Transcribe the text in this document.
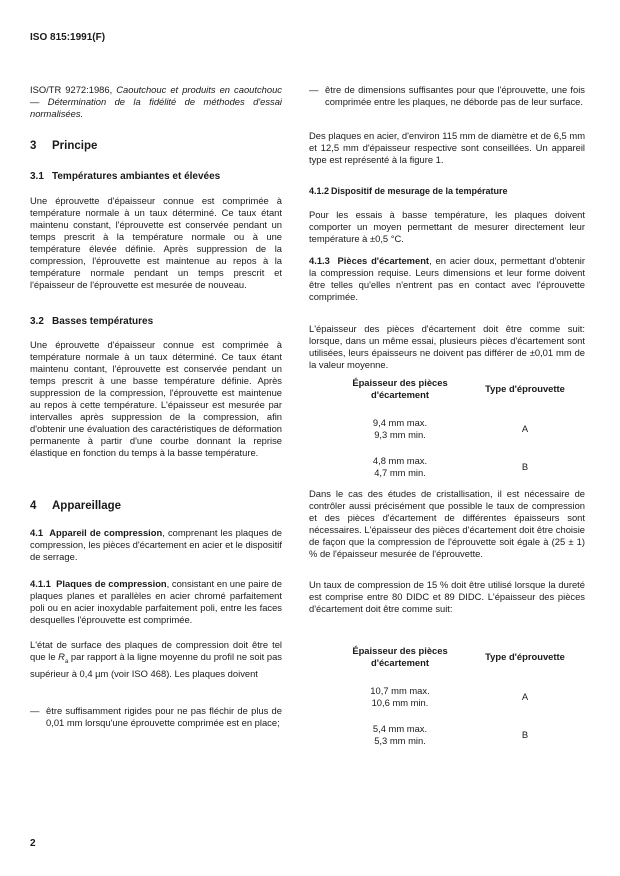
ISO 815:1991(F)
ISO/TR 9272:1986, Caoutchouc et produits en caoutchouc — Détermination de la fidélité de méthodes d'essai normalisées.
3 Principe
3.1 Températures ambiantes et élevées
Une éprouvette d'épaisseur connue est comprimée à température normale à un taux déterminé. Ce taux étant maintenu constant, l'éprouvette est conservée pendant un temps prescrit à la température normale ou à une température élevée définie. Après suppression de la compression, l'éprouvette est maintenue au repos à la température normale pendant un temps prescrit et l'épaisseur de l'éprouvette est mesurée de nouveau.
3.2 Basses températures
Une éprouvette d'épaisseur connue est comprimée à température normale à un taux déterminé. Ce taux étant maintenu contant, l'éprouvette est conservée pendant un temps prescrit à une basse température définie. Après suppression de la compression, l'éprouvette est maintenue au repos à cette température. L'épaisseur est mesurée par intervalles après suppression de la compression, afin d'obtenir une évaluation des caractéristiques de déformation permanente à partir d'une courbe donnant la reprise élastique en fonction du temps à la basse température.
4 Appareillage
4.1 Appareil de compression, comprenant les plaques de compression, les pièces d'écartement en acier et le dispositif de serrage.
4.1.1 Plaques de compression, consistant en une paire de plaques planes et parallèles en acier chromé parfaitement poli ou en acier inoxydable parfaitement poli, entre les faces desquelles l'éprouvette est comprimée.
L'état de surface des plaques de compression doit être tel que le $R_a$ par rapport à la ligne moyenne du profil ne soit pas supérieur à 0,4 µm (voir ISO 468). Les plaques doivent
— être suffisamment rigides pour ne pas fléchir de plus de 0,01 mm lorsqu'une éprouvette comprimée est en place;
2
— être de dimensions suffisantes pour que l'éprouvette, une fois comprimée entre les plaques, ne déborde pas de leur surface.
Des plaques en acier, d'environ 115 mm de diamètre et de 6,5 mm et 12,5 mm d'épaisseur respective sont conseillées. Un appareil type est représenté à la figure 1.
4.1.2 Dispositif de mesurage de la température
Pour les essais à basse température, les plaques doivent comporter un moyen permettant de mesurer directement leur température à ±0,5 °C.
4.1.3 Pièces d'écartement, en acier doux, permettant d'obtenir la compression requise. Leurs dimensions et leur forme doivent être telles qu'elles n'entrent pas en contact avec l'éprouvette comprimée.
L'épaisseur des pièces d'écartement doit être comme suit: lorsque, dans un même essai, plusieurs pièces d'écartement sont utilisées, leurs épaisseurs ne doivent pas différer de ±0,01 mm de la valeur moyenne.
Épaisseur des pièces d'écartement
Type d'éprouvette
9,4 mm max.
9,3 mm min.
A
4,8 mm max.
4,7 mm min.
B
Dans le cas des études de cristallisation, il est nécessaire de contrôler aussi précisément que possible le taux de compression et des pièces d'écartement de différentes épaisseurs sont nécessaires. L'épaisseur des pièces d'écartement doit être choisie de façon que la compression de l'éprouvette soit égale à (25 ± 1) % de l'épaisseur mesurée de l'éprouvette.
Un taux de compression de 15 % doit être utilisé lorsque la dureté est comprise entre 80 DIDC et 89 DIDC. L'épaisseur des pièces d'écartement doit être comme suit:
Épaisseur des pièces d'écartement
Type d'éprouvette
10,7 mm max.
10,6 mm min.
A
5,4 mm max.
5,3 mm min.
B
